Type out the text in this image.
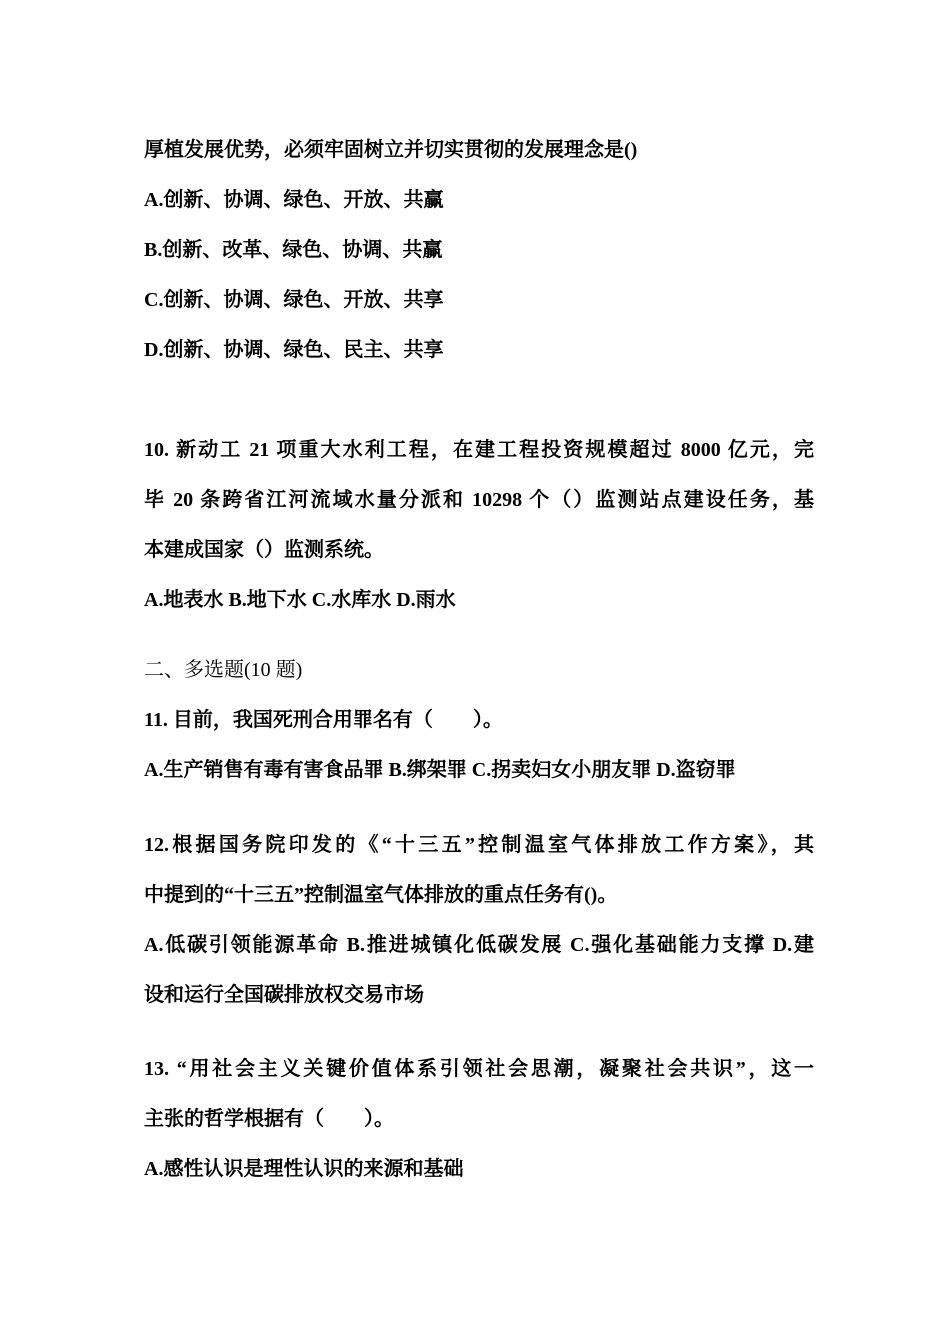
厚植发展优势，必须牢固树立并切实贯彻的发展理念是()
A.创新、协调、绿色、开放、共赢
B.创新、改革、绿色、协调、共赢
C.创新、协调、绿色、开放、共享
D.创新、协调、绿色、民主、共享
10. 新动工 21 项重大水利工程，在建工程投资规模超过 8000 亿元，完
毕 20 条跨省江河流域水量分派和 10298 个（）监测站点建设任务，基
本建成国家（）监测系统。
A.地表水 B.地下水 C.水库水 D.雨水
二、多选题(10 题)
11. 目前，我国死刑合用罪名有（　　）。
A.生产销售有毒有害食品罪 B.绑架罪 C.拐卖妇女小朋友罪 D.盗窃罪
12.根据国务院印发的《“十三五”控制温室气体排放工作方案》，其
中提到的“十三五”控制温室气体排放的重点任务有()。
A.低碳引领能源革命 B.推进城镇化低碳发展 C.强化基础能力支撑 D.建
设和运行全国碳排放权交易市场
13. “用社会主义关键价值体系引领社会思潮，凝聚社会共识”，这一
主张的哲学根据有（　　）。
A.感性认识是理性认识的来源和基础
